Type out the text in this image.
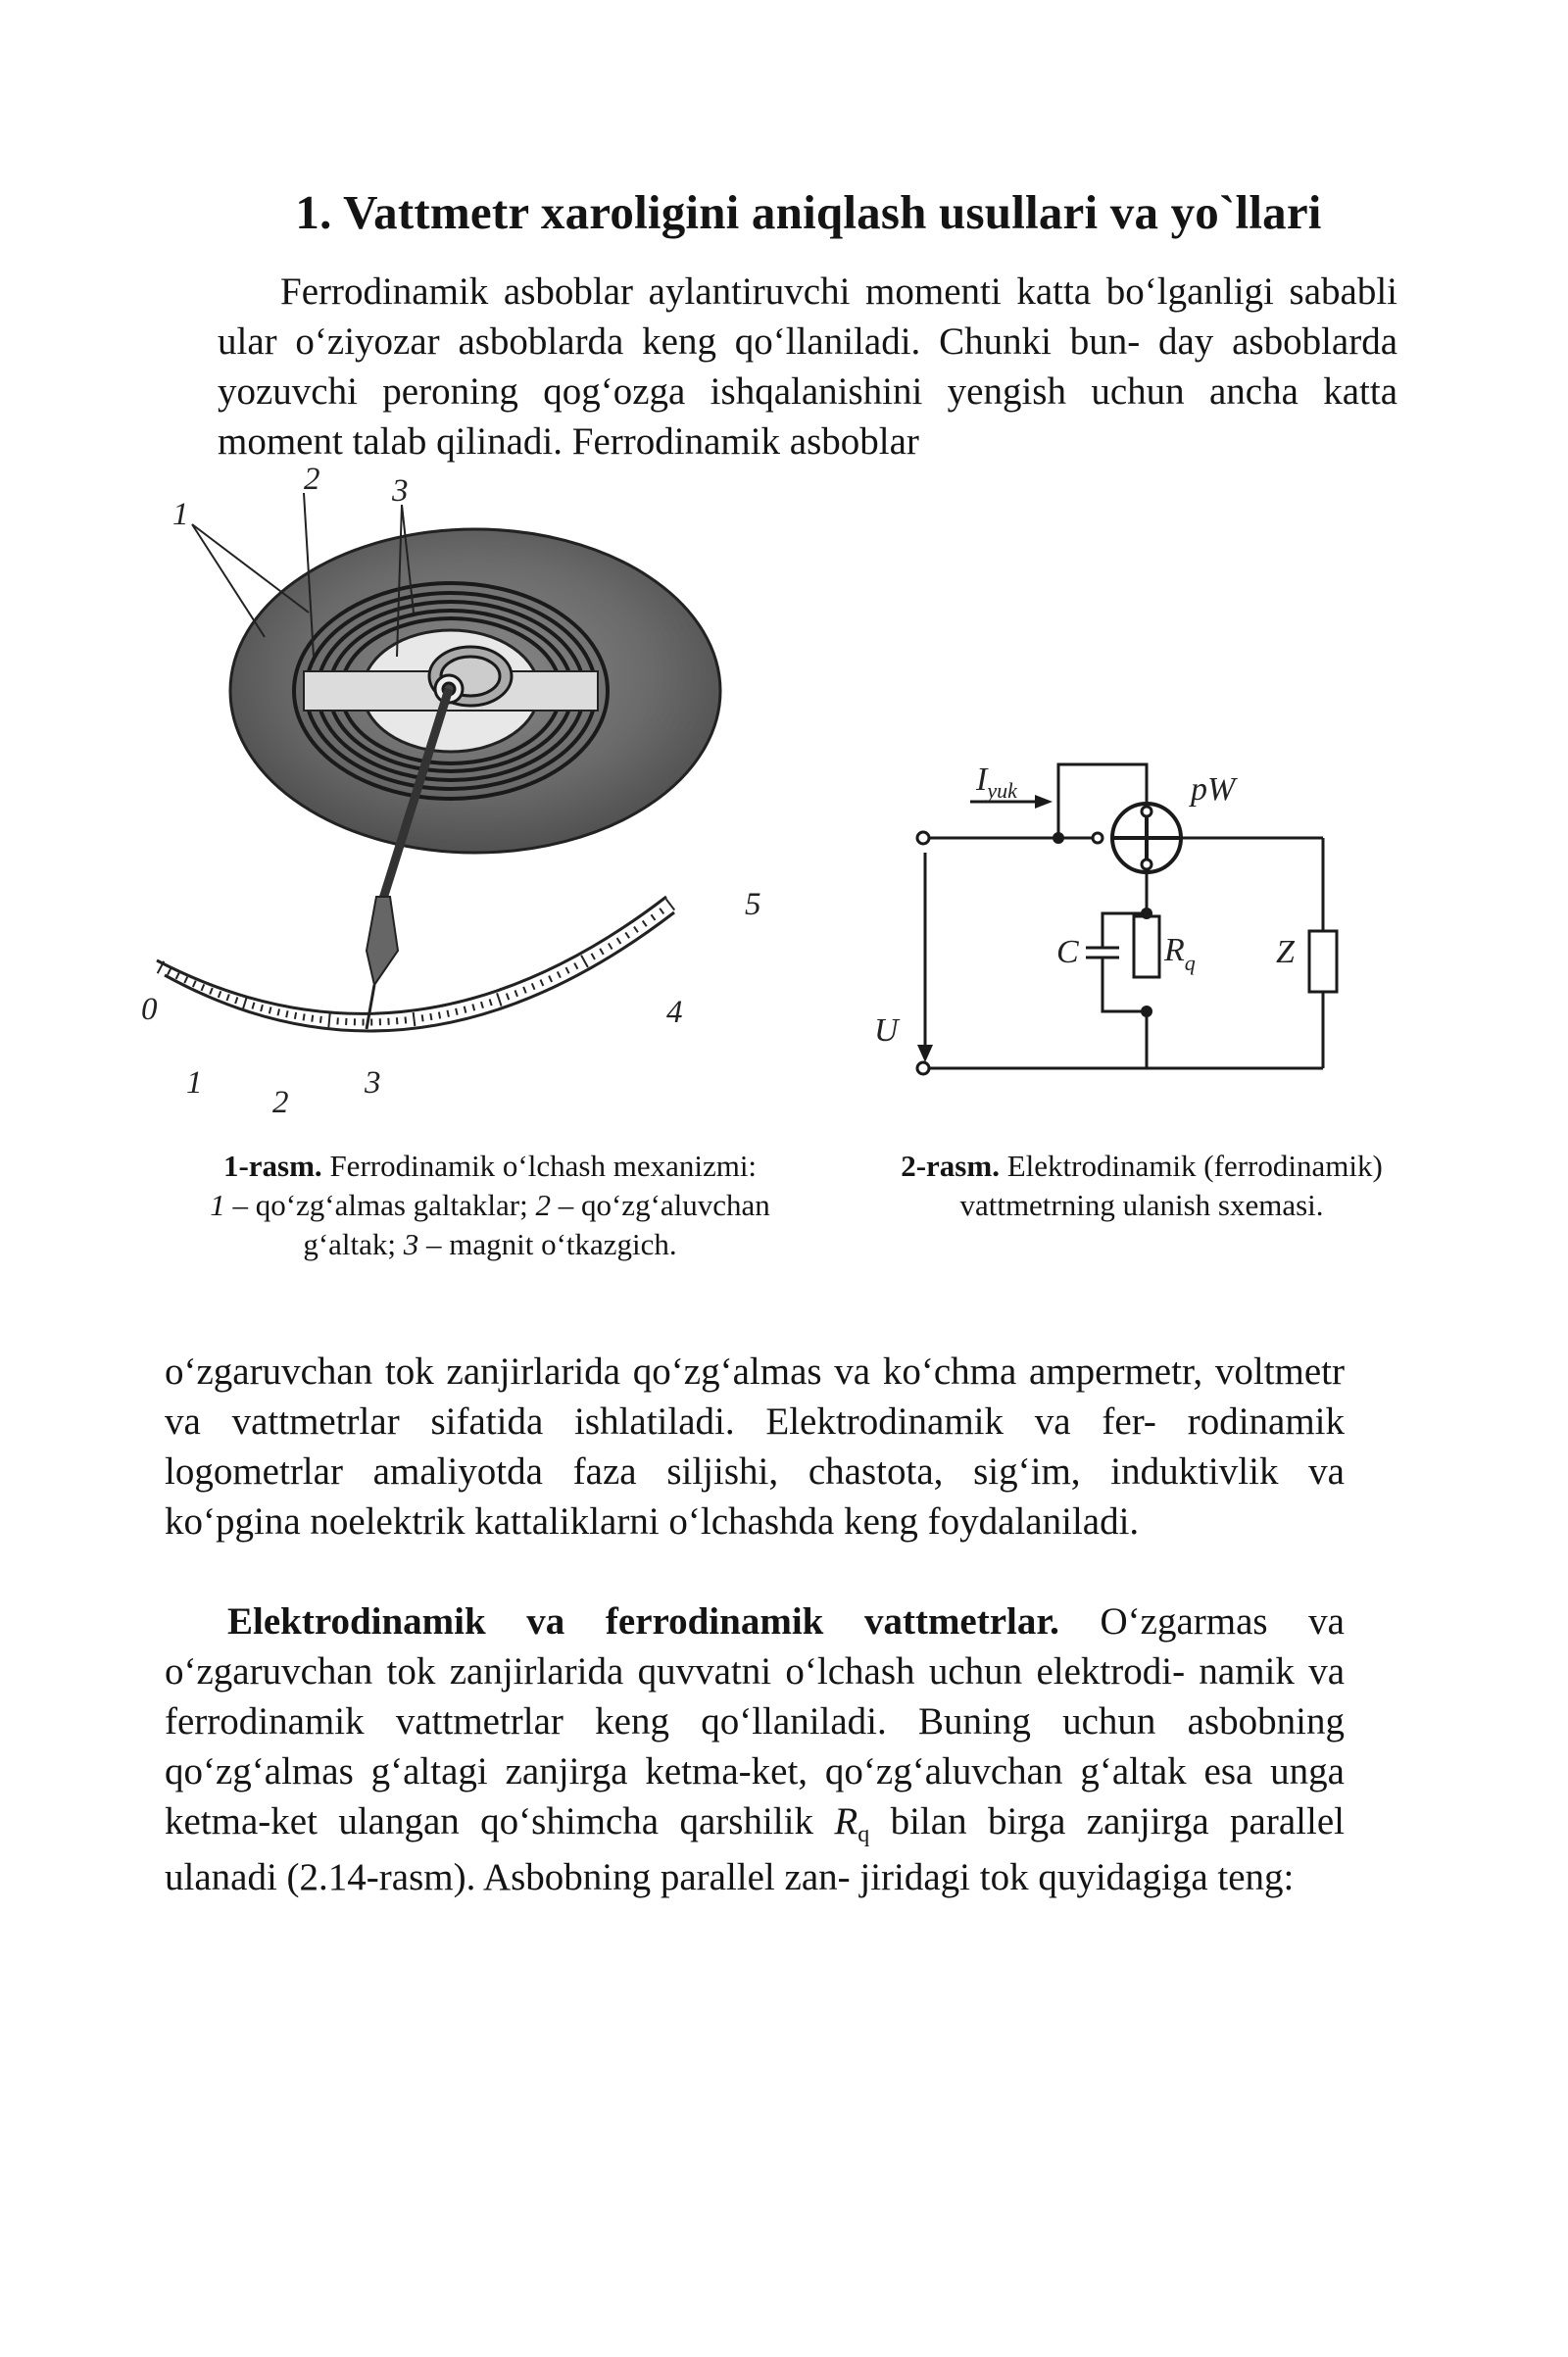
1. Vattmetr xaroligini aniqlash usullari va yo`llari

Ferrodinamik asboblar aylantiruvchi momenti katta bo‘lganligi sababli ular o‘ziyozar asboblarda keng qo‘llaniladi. Chunki bun- day asboblarda yozuvchi peroning qog‘ozga ishqalanishini yengish uchun ancha katta moment talab qilinadi. Ferrodinamik asboblar

1
2 3
0
1
2
3
4
5
$I_{yuk}$	pW
C	$R_q$ Z
U

1-rasm. Ferrodinamik o‘lchash mexanizmi:
1 – qo‘zg‘almas galtaklar; 2 – qo‘zg‘aluvchan g‘altak; 3 – magnit o‘tkazgich.

2-rasm. Elektrodinamik (ferrodinamik) vattmetrning ulanish sxemasi.

o‘zgaruvchan tok zanjirlarida qo‘zg‘almas va ko‘chma ampermetr, voltmetr va vattmetrlar sifatida ishlatiladi. Elektrodinamik va fer- rodinamik logometrlar amaliyotda faza siljishi, chastota, sig‘im, induktivlik va ko‘pgina noelektrik kattaliklarni o‘lchashda keng foydalaniladi.

Elektrodinamik va ferrodinamik vattmetrlar. O‘zgarmas va o‘zgaruvchan tok zanjirlarida quvvatni o‘lchash uchun elektrodi- namik va ferrodinamik vattmetrlar keng qo‘llaniladi. Buning uchun asbobning qo‘zg‘almas g‘altagi zanjirga ketma-ket, qo‘zg‘aluvchan g‘altak esa unga ketma-ket ulangan qo‘shimcha qarshilik $R_q$ bilan birga zanjirga parallel ulanadi (2.14-rasm). Asbobning parallel zan- jiridagi tok quyidagiga teng:
